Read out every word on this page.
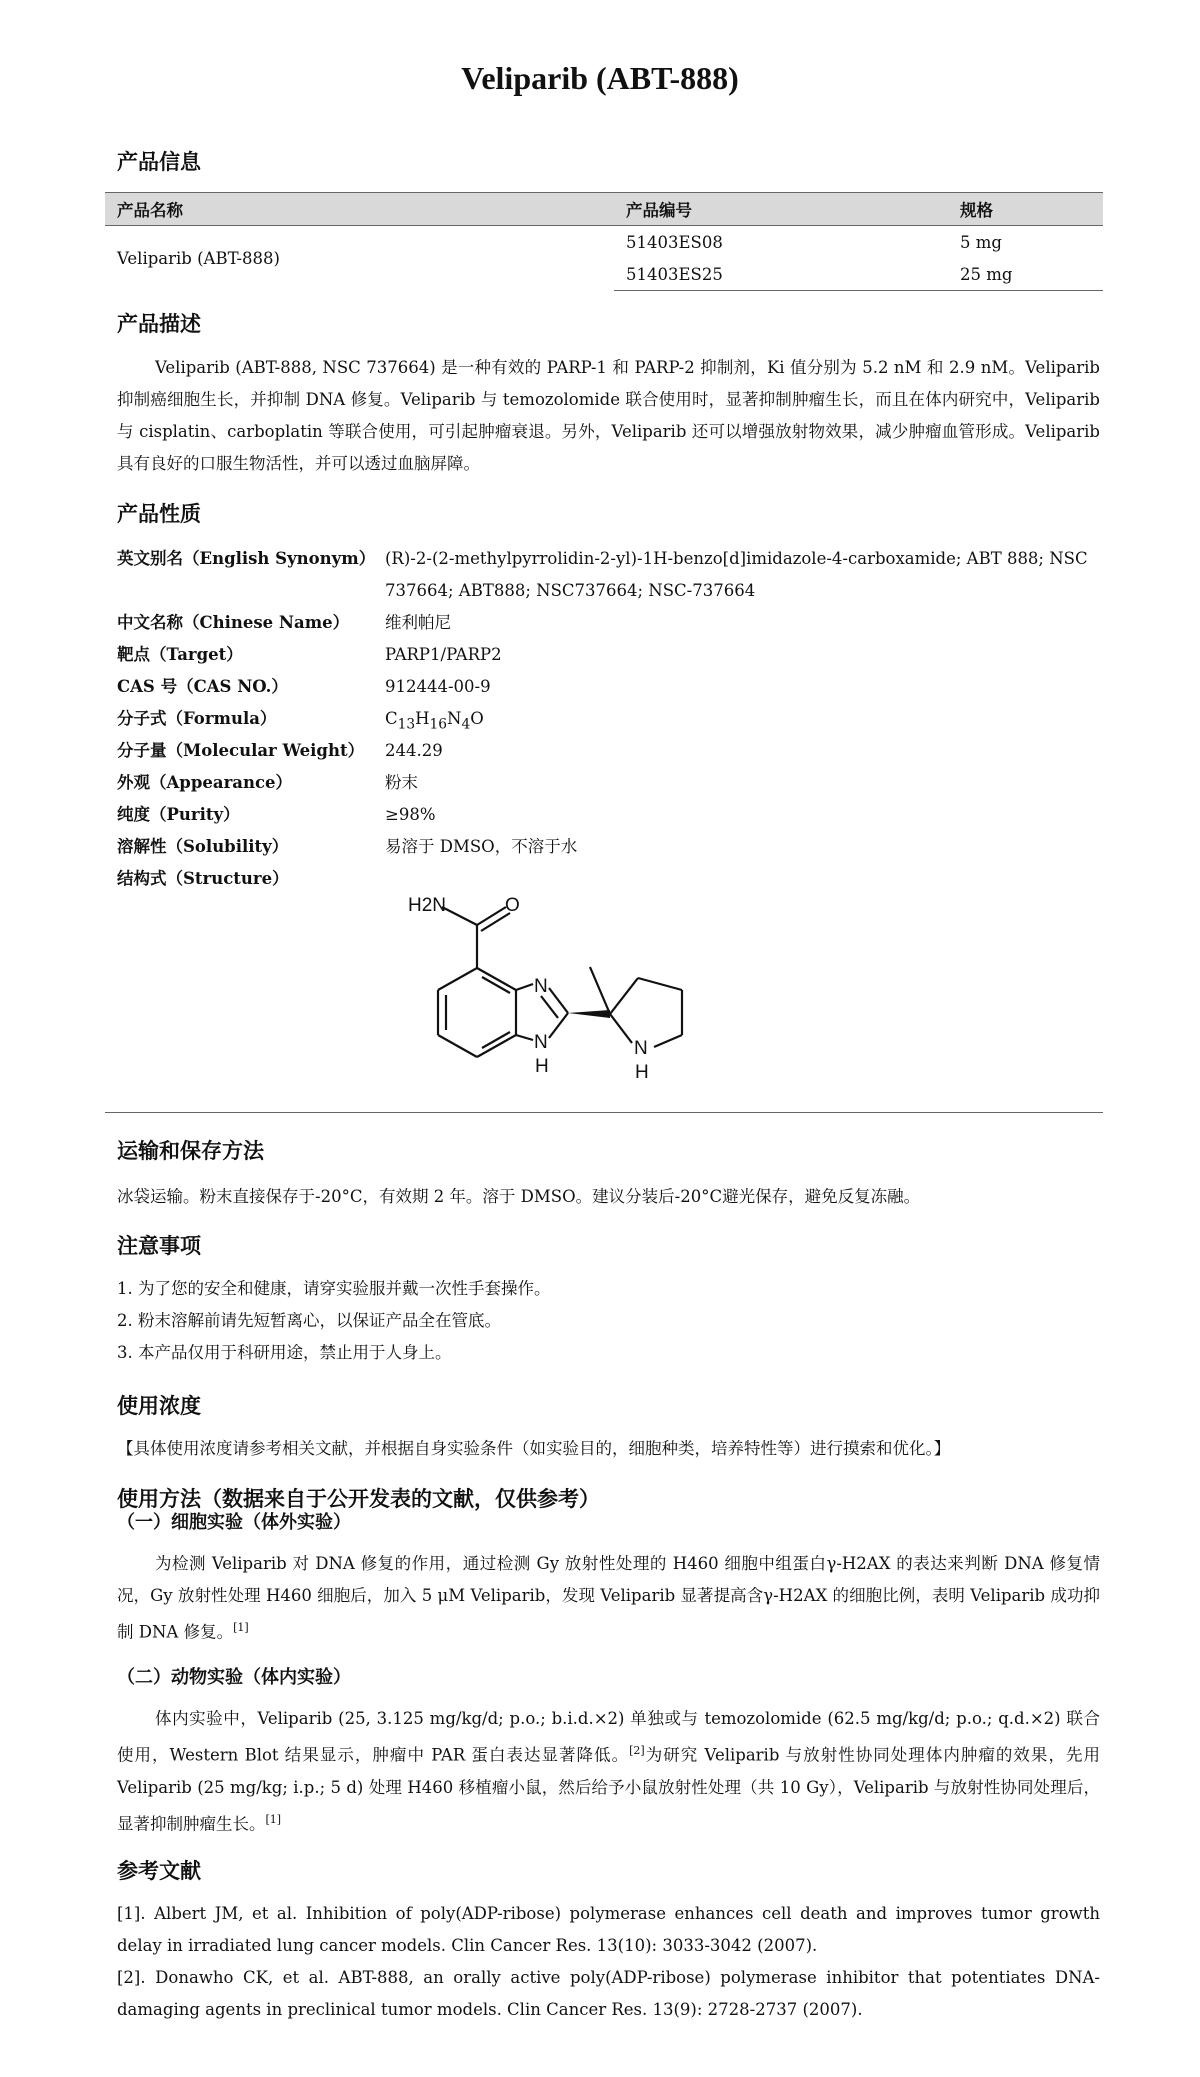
Veliparib (ABT-888)
产品信息
产品名称	产品编号	规格
Veliparib (ABT-888)	51403ES08	5 mg
	51403ES25	25 mg
产品描述

Veliparib (ABT-888, NSC 737664) 是一种有效的 PARP-1 和 PARP-2 抑制剂，Ki 值分别为 5.2 nM 和 2.9 nM。Veliparib 抑制癌细胞生长，并抑制 DNA 修复。Veliparib 与 temozolomide 联合使用时，显著抑制肿瘤生长，而且在体内研究中，Veliparib 与 cisplatin、carboplatin 等联合使用，可引起肿瘤衰退。另外，Veliparib 还可以增强放射物效果，减少肿瘤血管形成。Veliparib 具有良好的口服生物活性，并可以透过血脑屏障。

产品性质
英文别名（English Synonym） (R)-2-(2-methylpyrrolidin-2-yl)-1H-benzo[d]imidazole-4-carboxamide; ABT 888; NSC 737664; ABT888; NSC737664; NSC-737664
中文名称（Chinese Name）	维利帕尼
靶点（Target）	PARP1/PARP2
CAS 号（CAS NO.）	912444-00-9
分子式（Formula）	$C_{13}H_{16}N_4O$
分子量（Molecular Weight）	244.29
外观（Appearance）	粉末
纯度（Purity）	≥98%
溶解性（Solubility）	易溶于 DMSO，不溶于水
结构式（Structure）
H2N	O
N
N
H
N
H
运输和保存方法
冰袋运输。粉末直接保存于-20°C，有效期 2 年。溶于 DMSO。建议分装后-20°C避光保存，避免反复冻融。
注意事项
1. 为了您的安全和健康，请穿实验服并戴一次性手套操作。
2. 粉末溶解前请先短暂离心，以保证产品全在管底。
3. 本产品仅用于科研用途，禁止用于人身上。
使用浓度
【具体使用浓度请参考相关文献，并根据自身实验条件（如实验目的，细胞种类，培养特性等）进行摸索和优化。】
使用方法（数据来自于公开发表的文献，仅供参考）
（一）细胞实验（体外实验）

为检测 Veliparib 对 DNA 修复的作用，通过检测 Gy 放射性处理的 H460 细胞中组蛋白γ-H2AX 的表达来判断 DNA 修复情况，Gy 放射性处理 H460 细胞后，加入 5 μM Veliparib，发现 Veliparib 显著提高含γ-H2AX 的细胞比例，表明 Veliparib 成功抑制 DNA 修复。[1]

（二）动物实验（体内实验）

体内实验中，Veliparib (25, 3.125 mg/kg/d; p.o.; b.i.d.×2) 单独或与 temozolomide (62.5 mg/kg/d; p.o.; q.d.×2) 联合使用，Western Blot 结果显示，肿瘤中 PAR 蛋白表达显著降低。[2]为研究 Veliparib 与放射性协同处理体内肿瘤的效果，先用 Veliparib (25 mg/kg; i.p.; 5 d) 处理 H460 移植瘤小鼠，然后给予小鼠放射性处理（共 10 Gy），Veliparib 与放射性协同处理后，显著抑制肿瘤生长。[1]

参考文献

[1]. Albert JM, et al. Inhibition of poly(ADP-ribose) polymerase enhances cell death and improves tumor growth delay in irradiated lung cancer models. Clin Cancer Res. 13(10): 3033-3042 (2007).

[2]. Donawho CK, et al. ABT-888, an orally active poly(ADP-ribose) polymerase inhibitor that potentiates DNA-damaging agents in preclinical tumor models. Clin Cancer Res. 13(9): 2728-2737 (2007).
